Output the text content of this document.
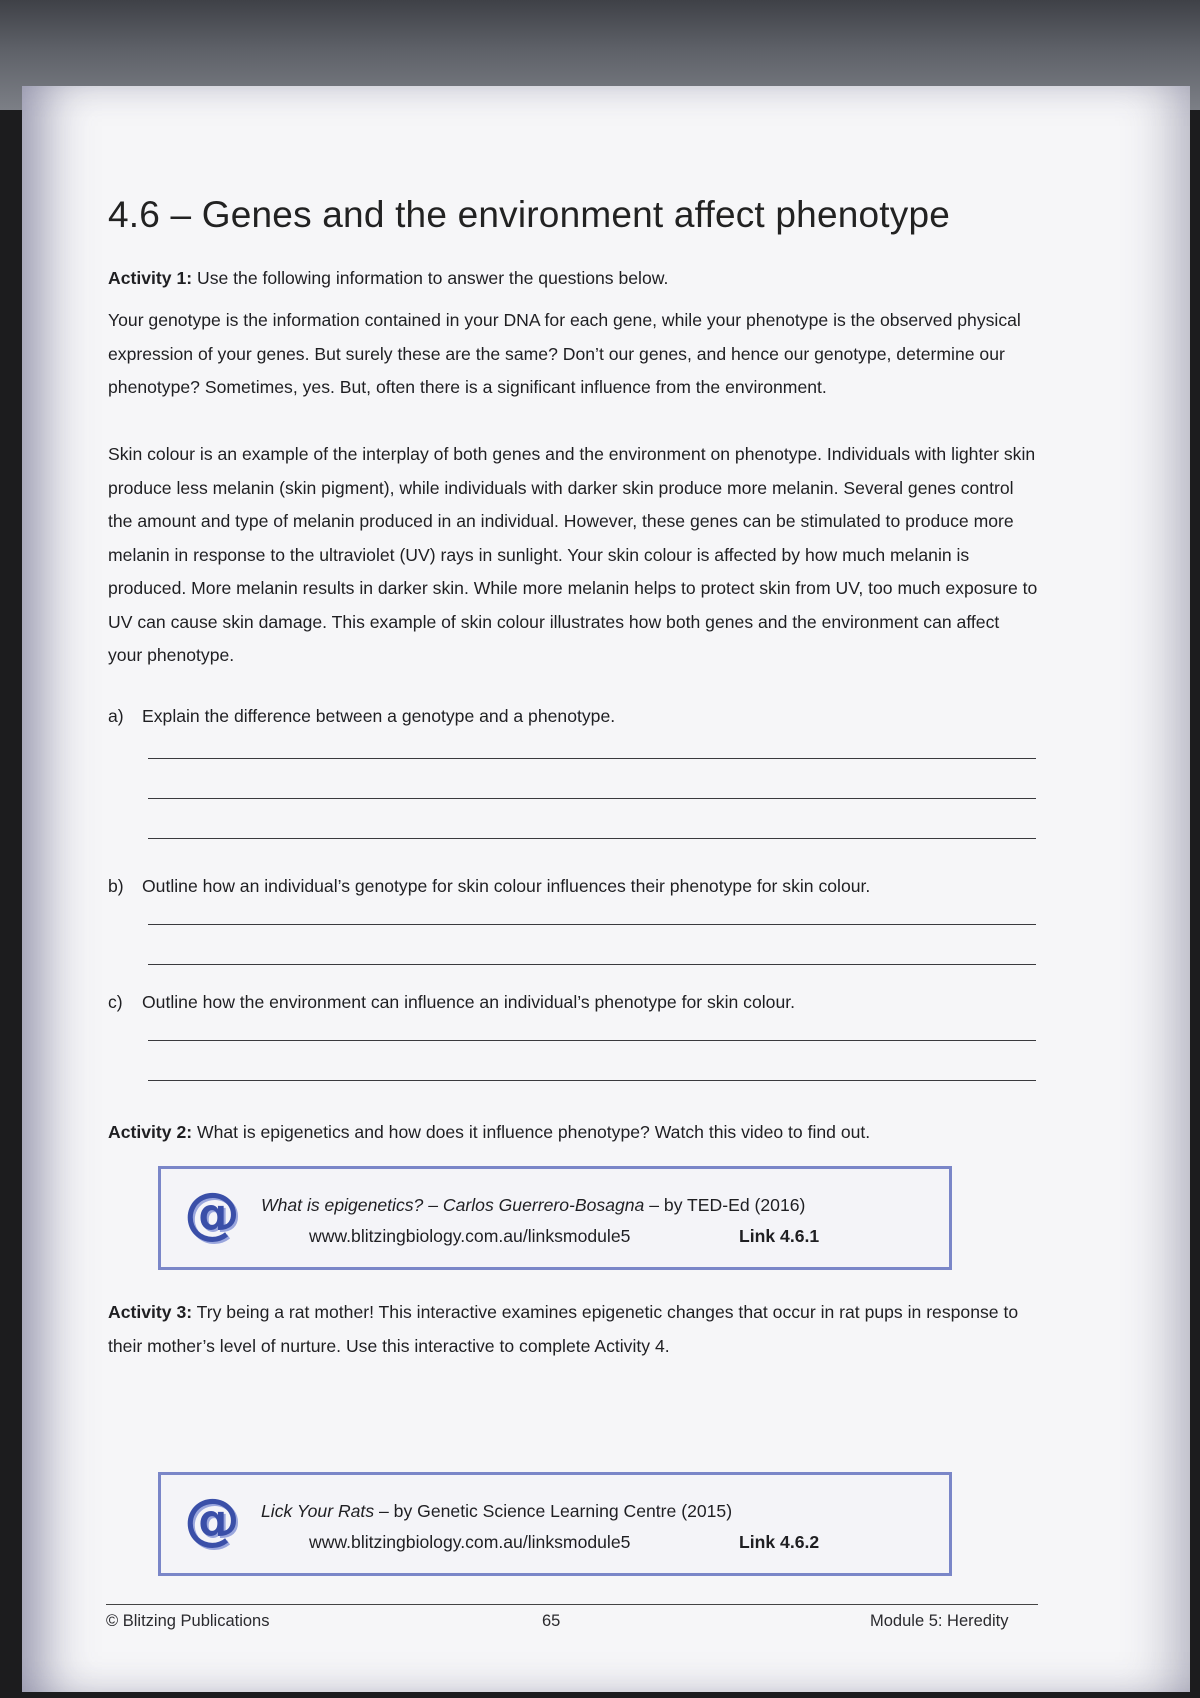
4.6 – Genes and the environment affect phenotype

Activity 1: Use the following information to answer the questions below.

Your genotype is the information contained in your DNA for each gene, while your phenotype is the observed physical expression of your genes. But surely these are the same? Don’t our genes, and hence our genotype, determine our phenotype? Sometimes, yes. But, often there is a significant influence from the environment.

Skin colour is an example of the interplay of both genes and the environment on phenotype. Individuals with lighter skin produce less melanin (skin pigment), while individuals with darker skin produce more melanin. Several genes control the amount and type of melanin produced in an individual. However, these genes can be stimulated to produce more melanin in response to the ultraviolet (UV) rays in sunlight. Your skin colour is affected by how much melanin is produced. More melanin results in darker skin. While more melanin helps to protect skin from UV, too much exposure to UV can cause skin damage. This example of skin colour illustrates how both genes and the environment can affect your phenotype.

a) Explain the difference between a genotype and a phenotype.
b) Outline how an individual’s genotype for skin colour influences their phenotype for skin colour.
c) Outline how the environment can influence an individual’s phenotype for skin colour.

Activity 2: What is epigenetics and how does it influence phenotype? Watch this video to find out.

@ What is epigenetics? – Carlos Guerrero-Bosagna – by TED-Ed (2016)
www.blitzingbiology.com.au/linksmodule5	Link 4.6.1

Activity 3: Try being a rat mother! This interactive examines epigenetic changes that occur in rat pups in response to their mother’s level of nurture. Use this interactive to complete Activity 4.

@ Lick Your Rats – by Genetic Science Learning Centre (2015)
www.blitzingbiology.com.au/linksmodule5	Link 4.6.2
© Blitzing Publications	65	Module 5: Heredity
